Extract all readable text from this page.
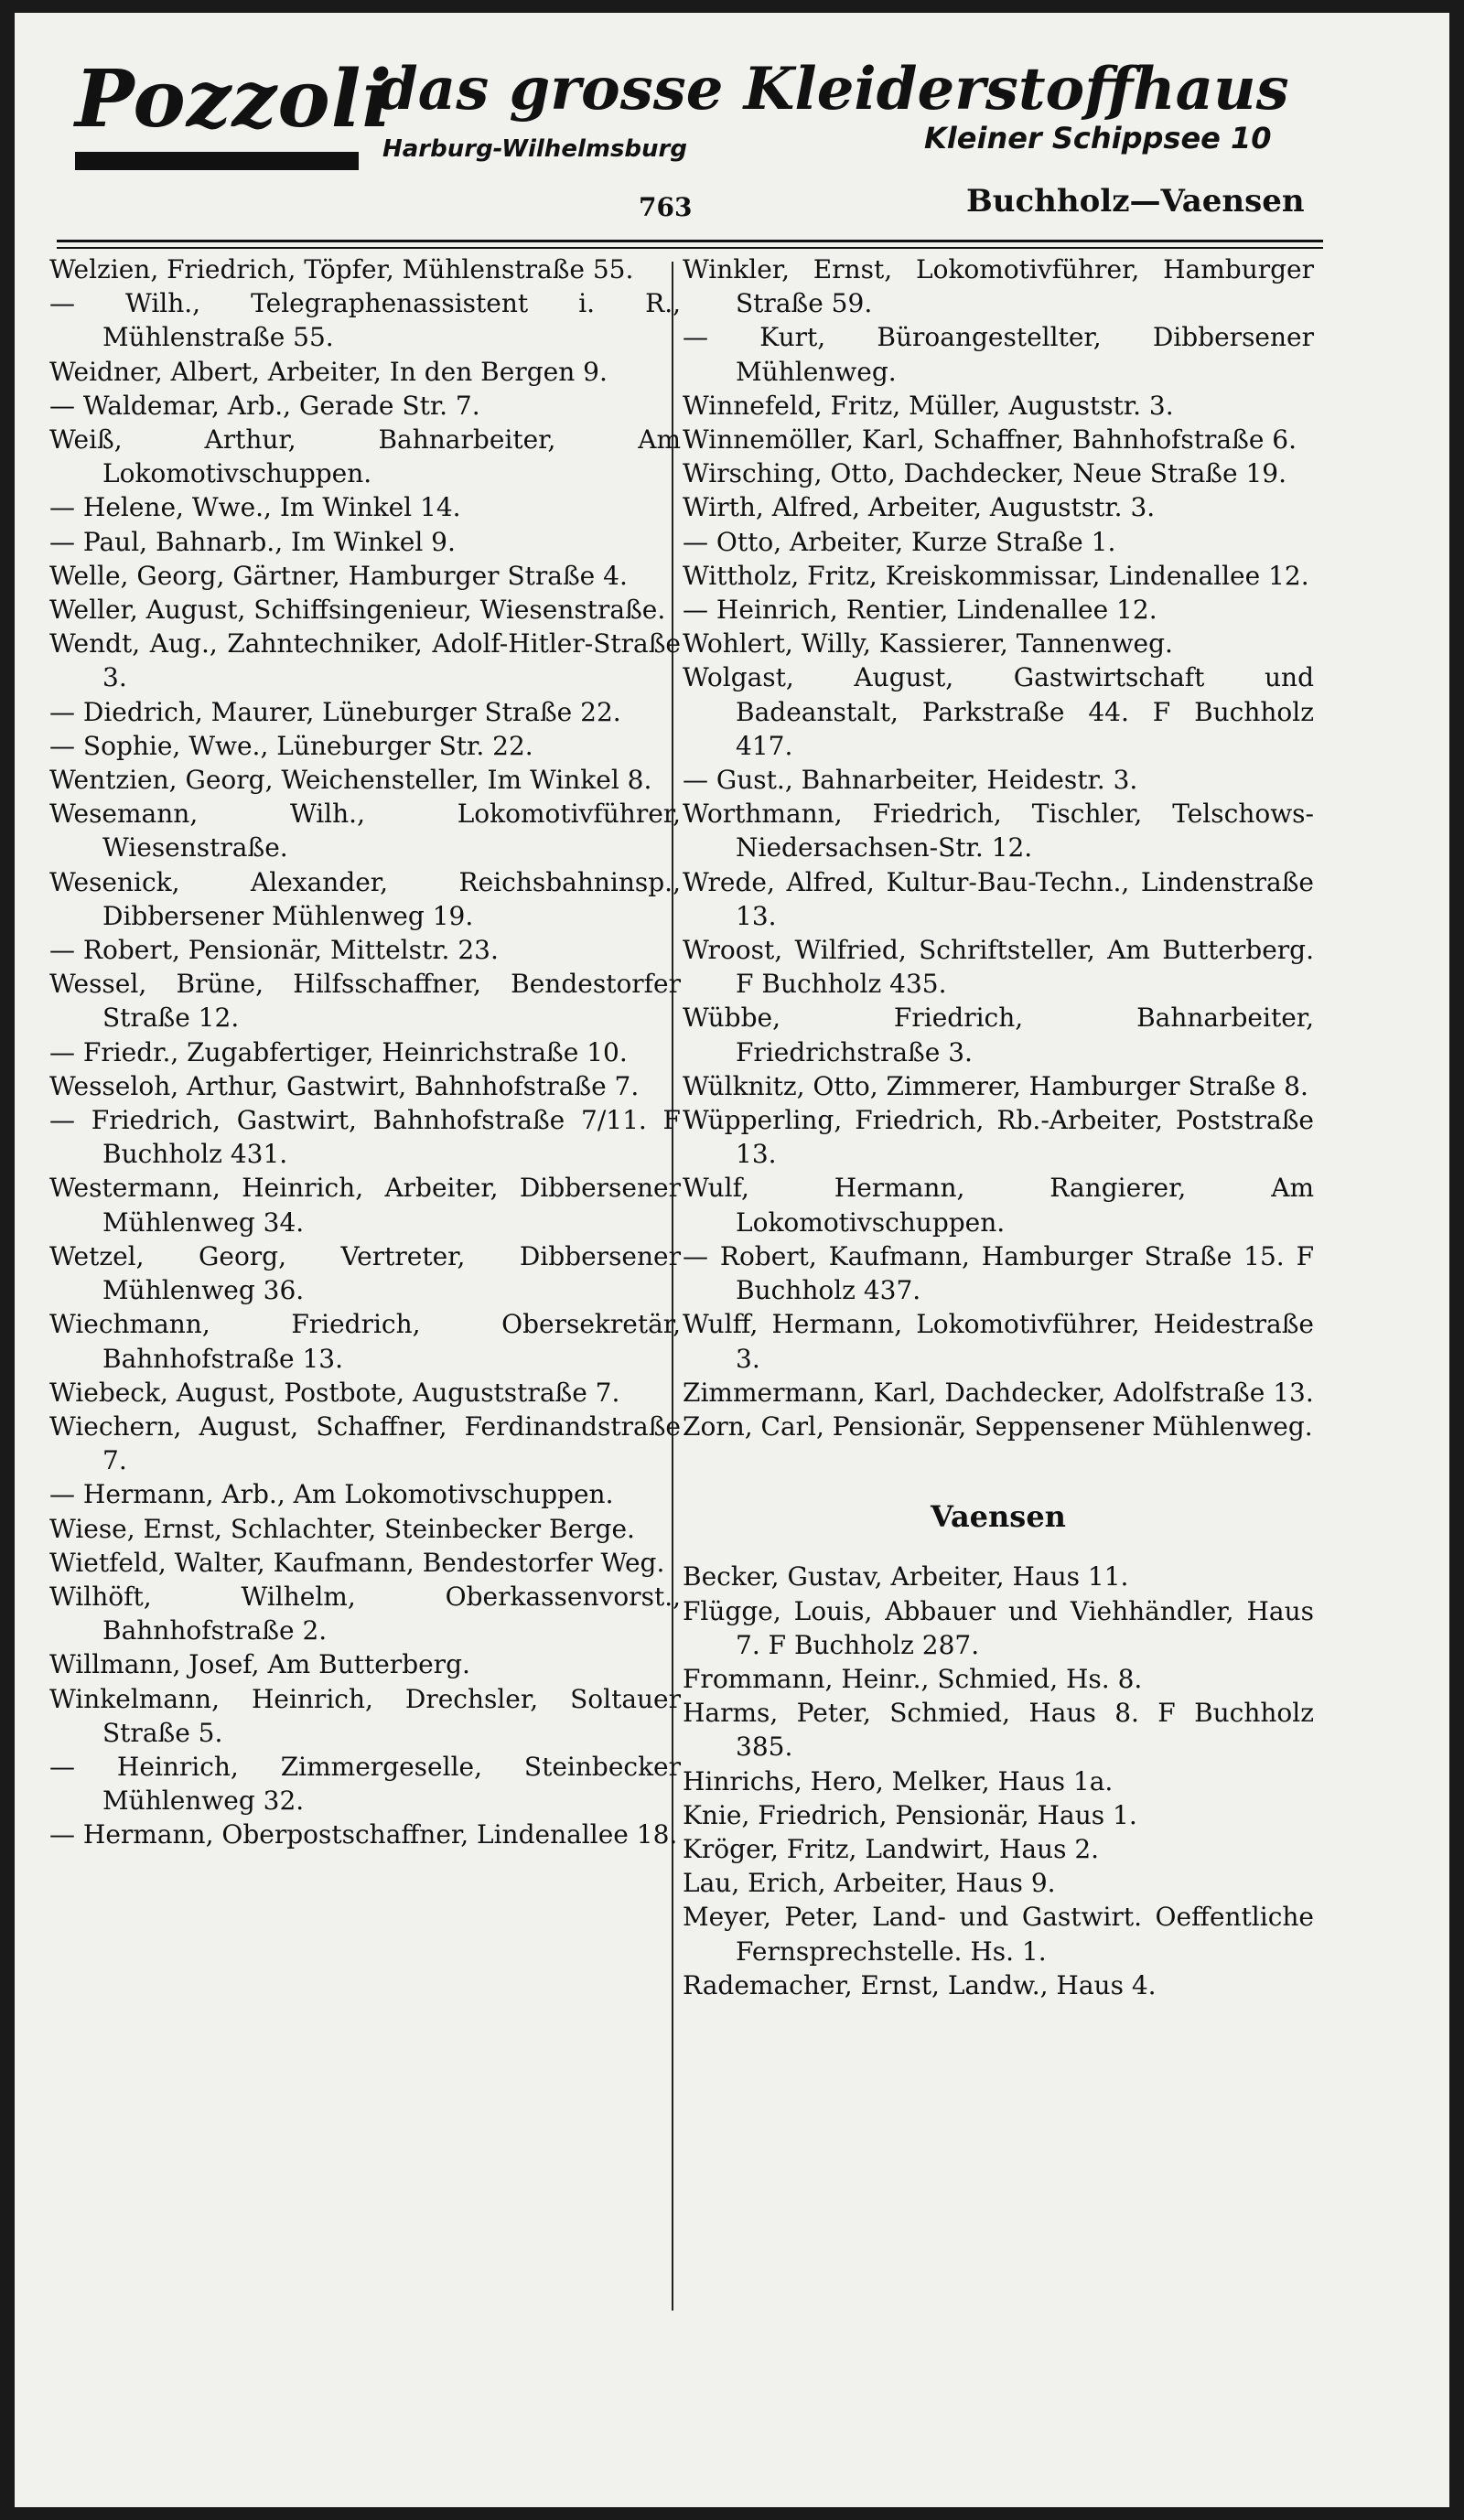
Pozzoli
das grosse Kleiderstoffhaus
Harburg-Wilhelmsburg	Kleiner Schippsee 10
763	Buchholz—Vaensen

Welzien, Friedrich, Töpfer, Mühlenstraße 55.

— Wilh., Telegraphenassistent i. R., Mühlenstraße 55.

Weidner, Albert, Arbeiter, In den Bergen 9.

— Waldemar, Arb., Gerade Str. 7.

Weiß, Arthur, Bahnarbeiter, Am Lokomotivschuppen.

— Helene, Wwe., Im Winkel 14.

— Paul, Bahnarb., Im Winkel 9.

Welle, Georg, Gärtner, Hamburger Straße 4.

Weller, August, Schiffsingenieur, Wiesenstraße.

Wendt, Aug., Zahntechniker, Adolf-Hitler-Straße 3.

— Diedrich, Maurer, Lüneburger Straße 22.

— Sophie, Wwe., Lüneburger Str. 22.

Wentzien, Georg, Weichensteller, Im Winkel 8.

Wesemann, Wilh., Lokomotivführer, Wiesenstraße.

Wesenick, Alexander, Reichsbahninsp., Dibbersener Mühlenweg 19.

— Robert, Pensionär, Mittelstr. 23.

Wessel, Brüne, Hilfsschaffner, Bendestorfer Straße 12.

— Friedr., Zugabfertiger, Heinrichstraße 10.

Wesseloh, Arthur, Gastwirt, Bahnhofstraße 7.

— Friedrich, Gastwirt, Bahnhofstraße 7/11. F Buchholz 431.

Westermann, Heinrich, Arbeiter, Dibbersener Mühlenweg 34.

Wetzel, Georg, Vertreter, Dibbersener Mühlenweg 36.

Wiechmann, Friedrich, Obersekretär, Bahnhofstraße 13.

Wiebeck, August, Postbote, Auguststraße 7.

Wiechern, August, Schaffner, Ferdinandstraße 7.

— Hermann, Arb., Am Lokomotivschuppen.

Wiese, Ernst, Schlachter, Steinbecker Berge.

Wietfeld, Walter, Kaufmann, Bendestorfer Weg.

Wilhöft, Wilhelm, Oberkassenvorst., Bahnhofstraße 2.

Willmann, Josef, Am Butterberg.

Winkelmann, Heinrich, Drechsler, Soltauer Straße 5.

— Heinrich, Zimmergeselle, Steinbecker Mühlenweg 32.

— Hermann, Oberpostschaffner, Lindenallee 18.

Winkler, Ernst, Lokomotivführer, Hamburger Straße 59.

— Kurt, Büroangestellter, Dibbersener Mühlenweg.

Winnefeld, Fritz, Müller, Auguststr. 3.

Winnemöller, Karl, Schaffner, Bahnhofstraße 6.

Wirsching, Otto, Dachdecker, Neue Straße 19.

Wirth, Alfred, Arbeiter, Auguststr. 3.

— Otto, Arbeiter, Kurze Straße 1.

Wittholz, Fritz, Kreiskommissar, Lindenallee 12.

— Heinrich, Rentier, Lindenallee 12.

Wohlert, Willy, Kassierer, Tannenweg.

Wolgast, August, Gastwirtschaft und Badeanstalt, Parkstraße 44. F Buchholz 417.

— Gust., Bahnarbeiter, Heidestr. 3.

Worthmann, Friedrich, Tischler, Telschows-Niedersachsen-Str. 12.

Wrede, Alfred, Kultur-Bau-Techn., Lindenstraße 13.

Wroost, Wilfried, Schriftsteller, Am Butterberg. F Buchholz 435.

Wübbe, Friedrich, Bahnarbeiter, Friedrichstraße 3.

Wülknitz, Otto, Zimmerer, Hamburger Straße 8.

Wüpperling, Friedrich, Rb.-Arbeiter, Poststraße 13.

Wulf, Hermann, Rangierer, Am Lokomotivschuppen.

— Robert, Kaufmann, Hamburger Straße 15. F Buchholz 437.

Wulff, Hermann, Lokomotivführer, Heidestraße 3.

Zimmermann, Karl, Dachdecker, Adolfstraße 13.

Zorn, Carl, Pensionär, Seppensener Mühlenweg.

Vaensen

Becker, Gustav, Arbeiter, Haus 11.

Flügge, Louis, Abbauer und Viehhändler, Haus 7. F Buchholz 287.

Frommann, Heinr., Schmied, Hs. 8.

Harms, Peter, Schmied, Haus 8. F Buchholz 385.

Hinrichs, Hero, Melker, Haus 1a.

Knie, Friedrich, Pensionär, Haus 1.

Kröger, Fritz, Landwirt, Haus 2.

Lau, Erich, Arbeiter, Haus 9.

Meyer, Peter, Land- und Gastwirt. Oeffentliche Fernsprechstelle. Hs. 1.

Rademacher, Ernst, Landw., Haus 4.
